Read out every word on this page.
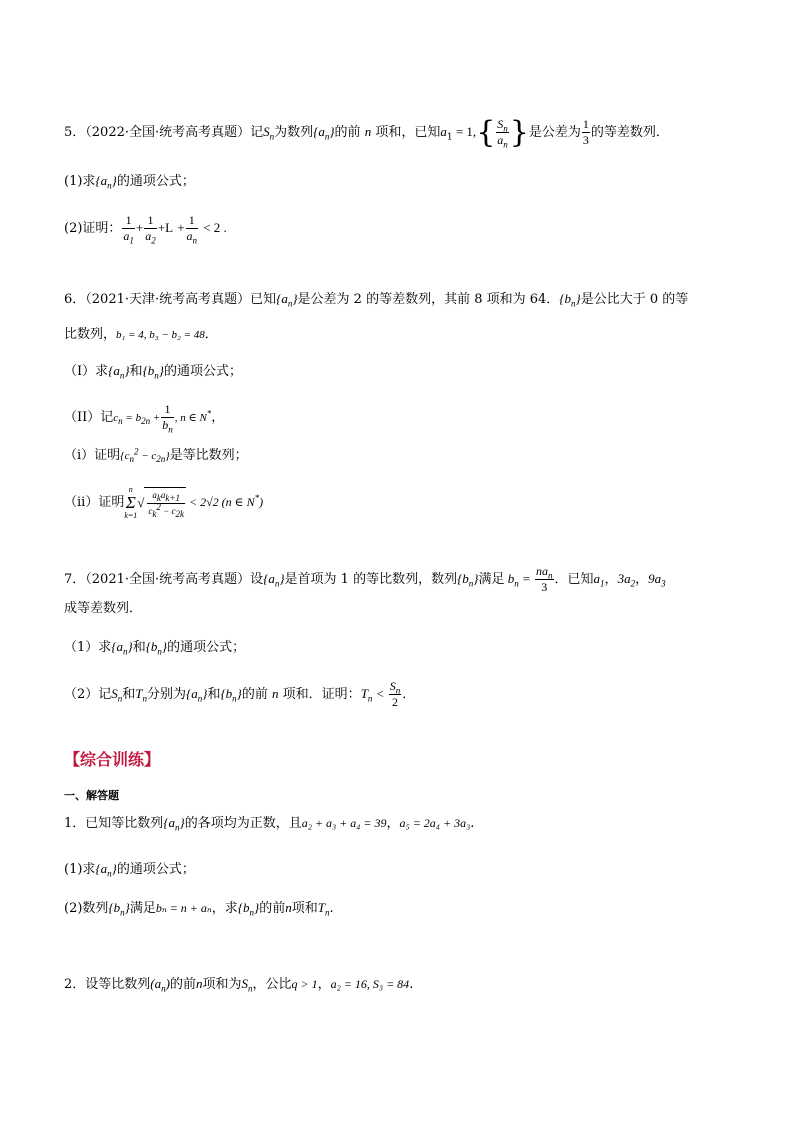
5．（2022·全国·统考高考真题）记$S_n$为数列$\{a_n\}$的前 n 项和，已知$a_1 = 1,\{ \frac{S_n}{a_n}$ }是公差为 $\frac{1}{3}$ 的等差数列．
(1)求$\{a_n\}$的通项公式；
(2)证明： $\frac{1}{a_1} + \frac{1}{a_2} +L + \frac{1}{a_n} < 2$ .
6．（2021·天津·统考高考真题）已知$\{a_n\}$是公差为 2 的等差数列，其前 8 项和为 64．$\{b_n\}$是公比大于 0 的等
比数列，b₁ = 4, b₃ − b₂ = 48．
（I）求$\{a_n\}$和$\{b_n\}$的通项公式；
（II）记$c_n = b_{2n} + \frac{1}{b_n}$ , n ∈ N*，
（i）证明$\{c_n^2 - c_{2n}\}$是等比数列；
（ii）证明n
Σ
$k=1√ \frac{a_ka_{k+1}}{c_k^2 - c_{2k}} < 2√2$ (n ∈ N*)
7．（2021·全国·统考高考真题）设$\{a_n\}$是首项为 1 的等比数列，数列$\{b_n\}$满足 $b_n = \frac{na_n}{3}$ ．已知$a_1$，$3a_2$，$9a_3$
成等差数列．
（1）求$\{a_n\}$和$\{b_n\}$的通项公式；
（2）记$S_n$和$T_n$分别为$\{a_n\}$和$\{b_n\}$的前 n 项和．证明：$T_n < \frac{S_n}{2}$ ．
【综合训练】
一、解答题
1．已知等比数列$\{a_n\}$的各项均为正数，且a₂ + a₃ + a₄ = 39，a₅ = 2a₄ + 3a₃.
(1)求$\{a_n\}$的通项公式；
(2)数列$\{b_n\}$满足bₙ = n + aₙ，求$\{b_n\}$的前n项和$T_n$.
2．设等比数列$(a_n)$的前n项和为$S_n$，公比q > 1，a₂ = 16, S₃ = 84.
